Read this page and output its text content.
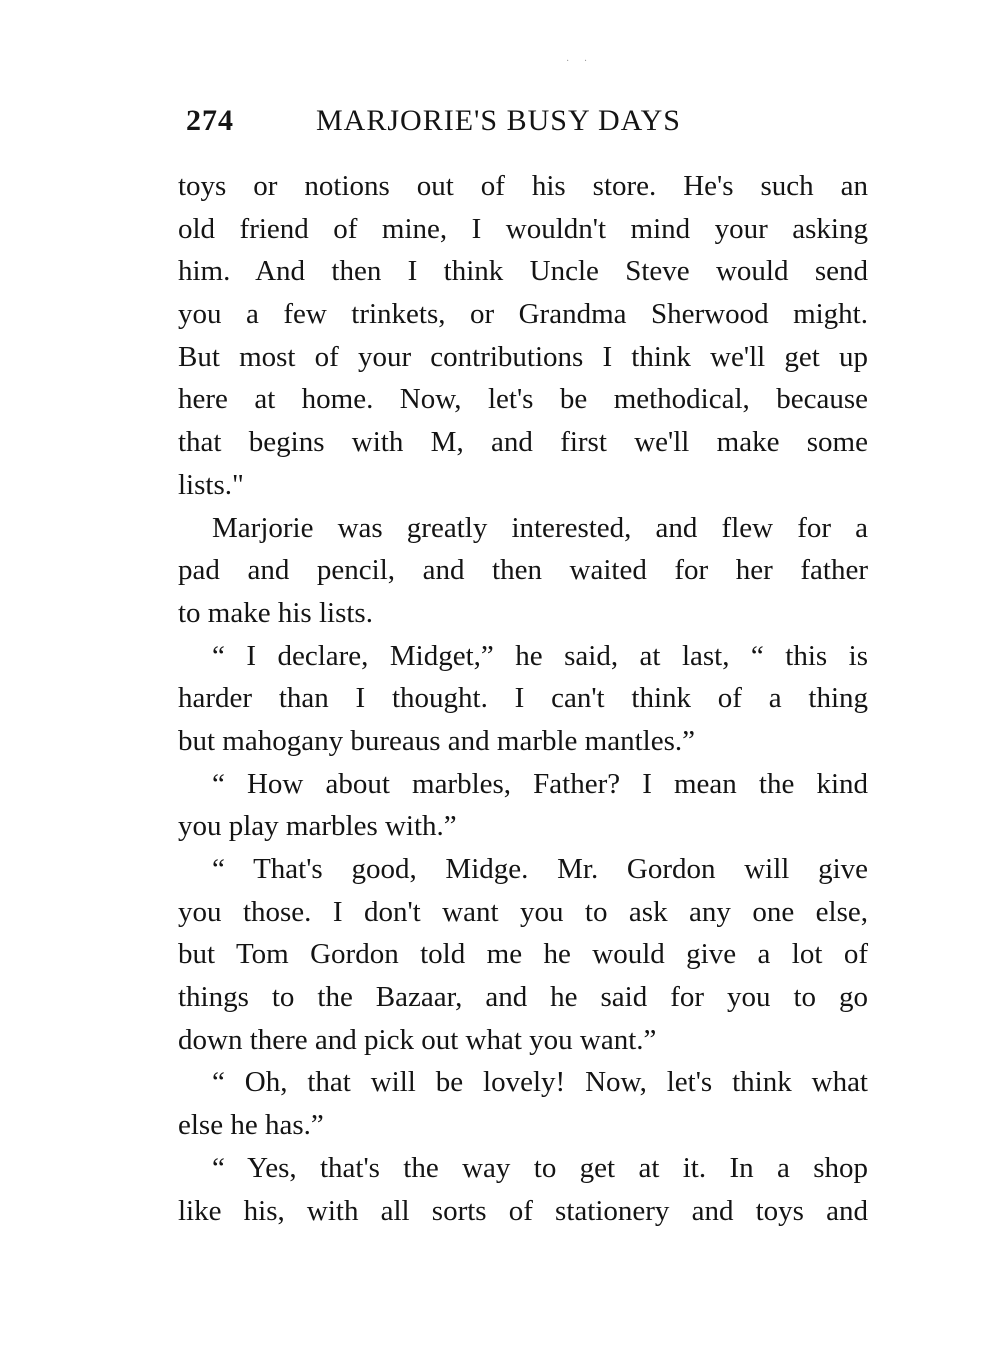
· ·
274	MARJORIE'S BUSY DAYS
toys or notions out of his store. He's such an
old friend of mine, I wouldn't mind your asking
him. And then I think Uncle Steve would send
you a few trinkets, or Grandma Sherwood might.
But most of your contributions I think we'll get up
here at home. Now, let's be methodical, because
that begins with M, and first we'll make some
lists."
Marjorie was greatly interested, and flew for a
pad and pencil, and then waited for her father
to make his lists.
“ I declare, Midget,” he said, at last, “ this is
harder than I thought. I can't think of a thing
but mahogany bureaus and marble mantles.”
“ How about marbles, Father? I mean the kind
you play marbles with.”
“ That's good, Midge. Mr. Gordon will give
you those. I don't want you to ask any one else,
but Tom Gordon told me he would give a lot of
things to the Bazaar, and he said for you to go
down there and pick out what you want.”
“ Oh, that will be lovely! Now, let's think what
else he has.”
“ Yes, that's the way to get at it. In a shop
like his, with all sorts of stationery and toys and
